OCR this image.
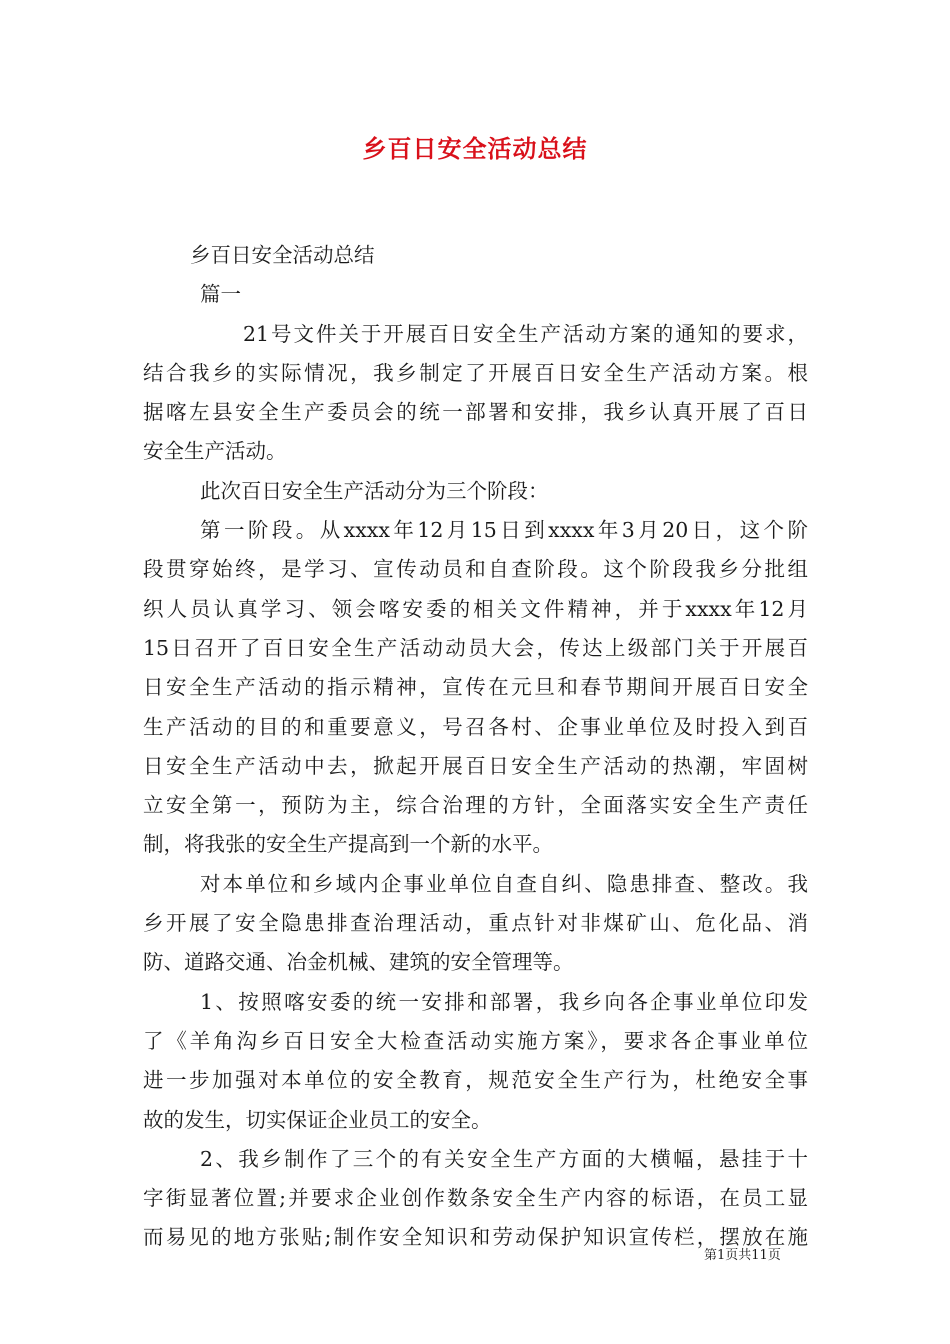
乡百日安全活动总结
乡百日安全活动总结
篇一
21号文件关于开展百日安全生产活动方案的通知的要求，
结合我乡的实际情况，我乡制定了开展百日安全生产活动方案。根
据喀左县安全生产委员会的统一部署和安排，我乡认真开展了百日
安全生产活动。
此次百日安全生产活动分为三个阶段：
第一阶段。从xxxx年12月15日到xxxx年3月20日，这个阶
段贯穿始终，是学习、宣传动员和自查阶段。这个阶段我乡分批组
织人员认真学习、领会喀安委的相关文件精神，并于xxxx年12月
15日召开了百日安全生产活动动员大会，传达上级部门关于开展百
日安全生产活动的指示精神，宣传在元旦和春节期间开展百日安全
生产活动的目的和重要意义，号召各村、企事业单位及时投入到百
日安全生产活动中去，掀起开展百日安全生产活动的热潮，牢固树
立安全第一，预防为主，综合治理的方针，全面落实安全生产责任
制，将我张的安全生产提高到一个新的水平。
对本单位和乡域内企事业单位自查自纠、隐患排查、整改。我
乡开展了安全隐患排查治理活动，重点针对非煤矿山、危化品、消
防、道路交通、冶金机械、建筑的安全管理等。
1、按照喀安委的统一安排和部署，我乡向各企事业单位印发
了《羊角沟乡百日安全大检查活动实施方案》，要求各企事业单位
进一步加强对本单位的安全教育，规范安全生产行为，杜绝安全事
故的发生，切实保证企业员工的安全。
2、我乡制作了三个的有关安全生产方面的大横幅，悬挂于十
字街显著位置;并要求企业创作数条安全生产内容的标语，在员工显
而易见的地方张贴;制作安全知识和劳动保护知识宣传栏，摆放在施
第1页共11页
